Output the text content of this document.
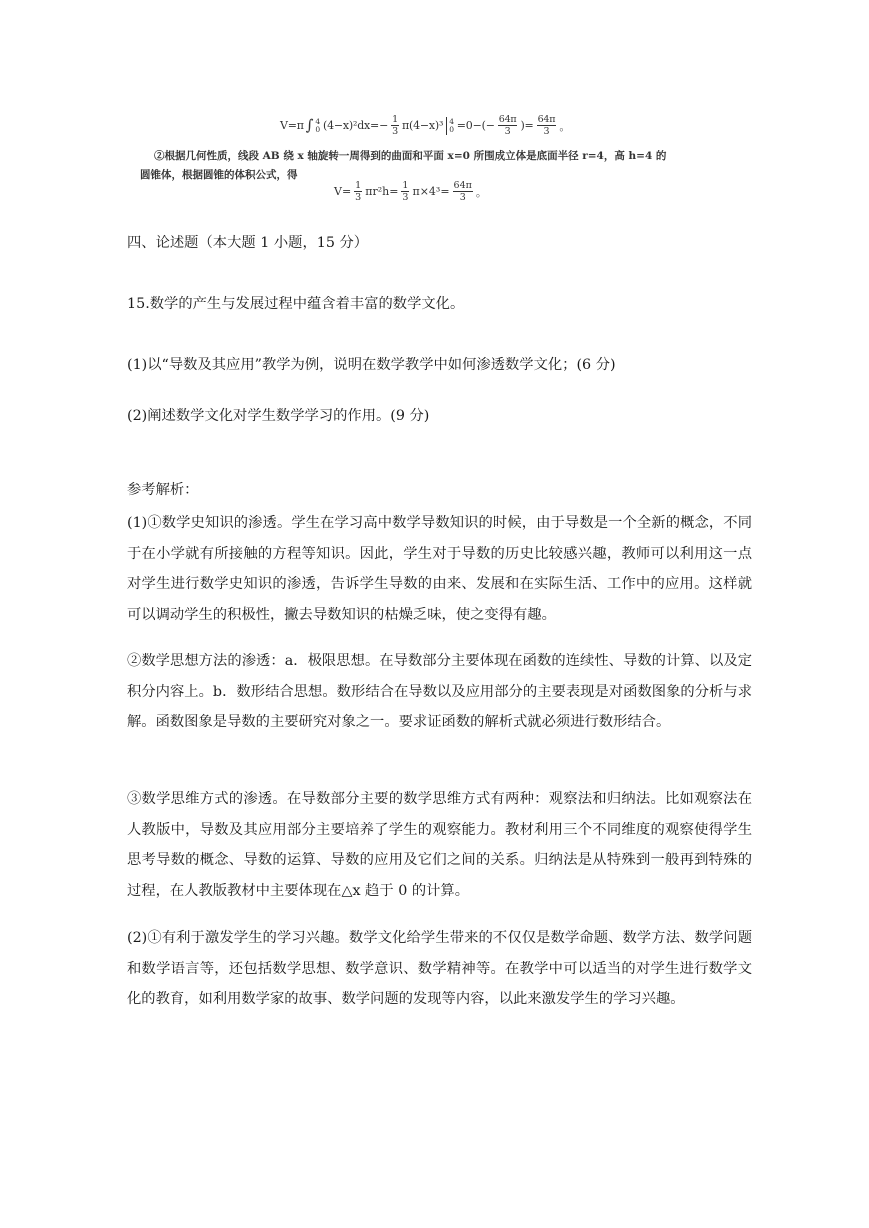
V=π ∫ 4
0 $(4-x)^2dx=- \frac{1}{3} \pi(4-x)^3$ 4
$0 =0-(- \frac{64\pi}{3}$ )= $\frac{64\pi}{3}$ 。
②根据几何性质，线段 AB 绕 x 轴旋转一周得到的曲面和平面 x=0 所围成立体是底面半径 r=4，高 h=4 的
圆锥体，根据圆锥的体积公式，得
$V= \frac{1}{3} \pi r^2h= \frac{1}{3} \pi\times 4^3= \frac{64\pi}{3}$ 。
四、论述题（本大题 1 小题，15 分）
15.数学的产生与发展过程中蕴含着丰富的数学文化。
(1)以“导数及其应用”教学为例，说明在数学教学中如何渗透数学文化；(6 分)
(2)阐述数学文化对学生数学学习的作用。(9 分)
参考解析：
(1)①数学史知识的渗透。学生在学习高中数学导数知识的时候，由于导数是一个全新的概念，不同于在小学就有所接触的方程等知识。因此，学生对于导数的历史比较感兴趣，教师可以利用这一点对学生进行数学史知识的渗透，告诉学生导数的由来、发展和在实际生活、工作中的应用。这样就可以调动学生的积极性，撇去导数知识的枯燥乏味，使之变得有趣。
②数学思想方法的渗透：a．极限思想。在导数部分主要体现在函数的连续性、导数的计算、以及定积分内容上。b．数形结合思想。数形结合在导数以及应用部分的主要表现是对函数图象的分析与求解。函数图象是导数的主要研究对象之一。要求证函数的解析式就必须进行数形结合。
③数学思维方式的渗透。在导数部分主要的数学思维方式有两种：观察法和归纳法。比如观察法在人教版中，导数及其应用部分主要培养了学生的观察能力。教材利用三个不同维度的观察使得学生思考导数的概念、导数的运算、导数的应用及它们之间的关系。归纳法是从特殊到一般再到特殊的过程，在人教版教材中主要体现在△x 趋于 0 的计算。
(2)①有利于激发学生的学习兴趣。数学文化给学生带来的不仅仅是数学命题、数学方法、数学问题和数学语言等，还包括数学思想、数学意识、数学精神等。在教学中可以适当的对学生进行数学文化的教育，如利用数学家的故事、数学问题的发现等内容，以此来激发学生的学习兴趣。
